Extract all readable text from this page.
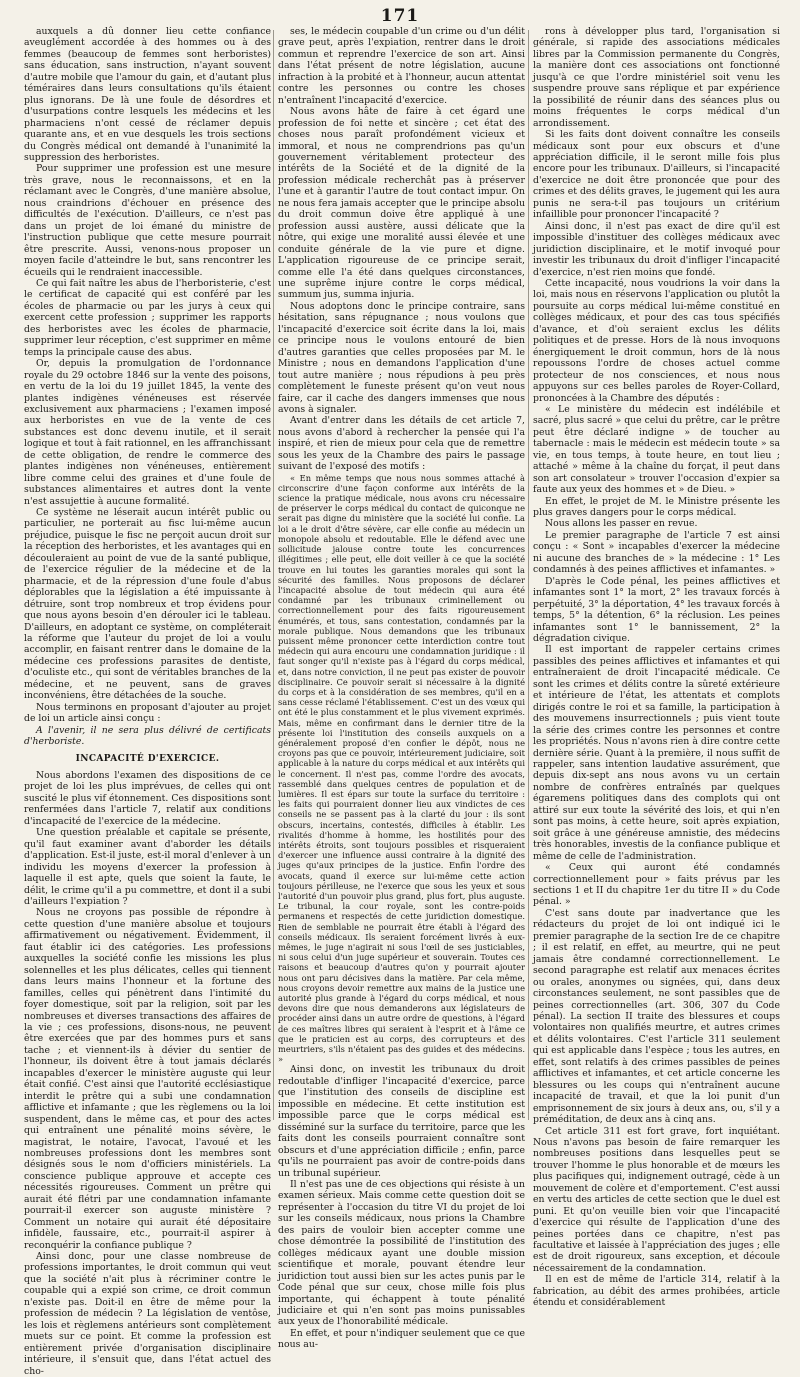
171

auxquels a dû donner lieu cette confiance aveuglément accordée à des hommes ou à des femmes (beaucoup de femmes sont herboristes) sans éducation, sans instruction, n'ayant souvent d'autre mobile que l'amour du gain, et d'autant plus téméraires dans leurs consultations qu'ils étaient plus ignorans. De là une foule de désordres et d'usurpations contre lesquels les médecins et les pharmaciens n'ont cessé de réclamer depuis quarante ans, et en vue desquels les trois sections du Congrès médical ont demandé à l'unanimité la suppression des herboristes.

Pour supprimer une profession est une mesure très grave, nous le reconnaissons, et en la réclamant avec le Congrès, d'une manière absolue, nous craindrions d'échouer en présence des difficultés de l'exécution. D'ailleurs, ce n'est pas dans un projet de loi émané du ministre de l'instruction publique que cette mesure pourrait être prescrite. Aussi, venons-nous proposer un moyen facile d'atteindre le but, sans rencontrer les écueils qui le rendraient inaccessible.

Ce qui fait naître les abus de l'herboristerie, c'est le certificat de capacité qui est conféré par les écoles de pharmacie ou par les jurys à ceux qui exercent cette profession ; supprimer les rapports des herboristes avec les écoles de pharmacie, supprimer leur réception, c'est supprimer en même temps la principale cause des abus.

Or, depuis la promulgation de l'ordonnance royale du 29 octobre 1846 sur la vente des poisons, en vertu de la loi du 19 juillet 1845, la vente des plantes indigènes vénéneuses est réservée exclusivement aux pharmaciens ; l'examen imposé aux herboristes en vue de la vente de ces substances est donc devenu inutile, et il serait logique et tout à fait rationnel, en les affranchissant de cette obligation, de rendre le commerce des plantes indigènes non vénéneuses, entièrement libre comme celui des graines et d'une foule de substances alimentaires et autres dont la vente n'est assujettie à aucune formalité.

Ce système ne léserait aucun intérêt public ou particulier, ne porterait au fisc lui-même aucun préjudice, puisque le fisc ne perçoit aucun droit sur la réception des herboristes, et les avantages qui en découleraient au point de vue de la santé publique, de l'exercice régulier de la médecine et de la pharmacie, et de la répression d'une foule d'abus déplorables que la législation a été impuissante à détruire, sont trop nombreux et trop évidens pour que nous ayons besoin d'en dérouler ici le tableau. D'ailleurs, en adoptant ce système, on compléterait la réforme que l'auteur du projet de loi a voulu accomplir, en faisant rentrer dans le domaine de la médecine ces professions parasites de dentiste, d'oculiste etc., qui sont de véritables branches de la médecine, et ne peuvent, sans de graves inconvéniens, être détachées de la souche.

Nous terminons en proposant d'ajouter au projet de loi un article ainsi conçu :

A l'avenir, il ne sera plus délivré de certificats d'herboriste.

INCAPACITÉ D'EXERCICE.

Nous abordons l'examen des dispositions de ce projet de loi les plus imprévues, de celles qui ont suscité le plus vif étonnement. Ces dispositions sont renfermées dans l'article 7, relatif aux conditions d'incapacité de l'exercice de la médecine.

Une question préalable et capitale se présente, qu'il faut examiner avant d'aborder les détails d'application. Est-il juste, est-il moral d'enlever à un individu les moyens d'exercer la profession à laquelle il est apte, quels que soient la faute, le délit, le crime qu'il a pu commettre, et dont il a subi d'ailleurs l'expiation ?

Nous ne croyons pas possible de répondre à cette question d'une manière absolue et toujours affirmativement ou négativement. Évidemment, il faut établir ici des catégories. Les professions auxquelles la société confie les missions les plus solennelles et les plus délicates, celles qui tiennent dans leurs mains l'honneur et la fortune des familles, celles qui pénètrent dans l'intimité du foyer domestique, soit par la religion, soit par les nombreuses et diverses transactions des affaires de la vie ; ces professions, disons-nous, ne peuvent être exercées que par des hommes purs et sans tache ; et viennent-ils à dévier du sentier de l'honneur, ils doivent être à tout jamais déclarés incapables d'exercer le ministère auguste qui leur était confié. C'est ainsi que l'autorité ecclésiastique interdit le prêtre qui a subi une condamnation afflictive et infamante ; que les règlemens ou la loi suspendent, dans le même cas, et pour des actes qui entraînent une pénalité moins sévère, le magistrat, le notaire, l'avocat, l'avoué et les nombreuses professions dont les membres sont désignés sous le nom d'officiers ministériels. La conscience publique approuve et accepte ces nécessités rigoureuses. Comment un prêtre qui aurait été flétri par une condamnation infamante pourrait-il exercer son auguste ministère ? Comment un notaire qui aurait été dépositaire infidèle, faussaire, etc., pourrait-il aspirer à reconquérir la confiance publique ?

Ainsi donc, pour une classe nombreuse de professions importantes, le droit commun qui veut que la société n'ait plus à récriminer contre le coupable qui a expié son crime, ce droit commun n'existe pas. Doit-il en être de même pour la profession de médecin ? La législation de ventôse, les lois et règlemens antérieurs sont complètement muets sur ce point. Et comme la profession est entièrement privée d'organisation disciplinaire intérieure, il s'ensuit que, dans l'état actuel des cho-

ses, le médecin coupable d'un crime ou d'un délit grave peut, après l'expiation, rentrer dans le droit commun et reprendre l'exercice de son art. Ainsi dans l'état présent de notre législation, aucune infraction à la probité et à l'honneur, aucun attentat contre les personnes ou contre les choses n'entraînent l'incapacité d'exercice.

Nous avons hâte de faire à cet égard une profession de foi nette et sincère ; cet état des choses nous paraît profondément vicieux et immoral, et nous ne comprendrions pas qu'un gouvernement véritablement protecteur des intérêts de la Société et de la dignité de la profession médicale recherchât pas à préserver l'une et à garantir l'autre de tout contact impur. On ne nous fera jamais accepter que le principe absolu du droit commun doive être appliqué à une profession aussi austère, aussi délicate que la nôtre, qui exige une moralité aussi élevée et une conduite générale de la vie pure et digne. L'application rigoureuse de ce principe serait, comme elle l'a été dans quelques circonstances, une suprême injure contre le corps médical, summum jus, summa injuria.

Nous adoptons donc le principe contraire, sans hésitation, sans répugnance ; nous voulons que l'incapacité d'exercice soit écrite dans la loi, mais ce principe nous le voulons entouré de bien d'autres garanties que celles proposées par M. le Ministre ; nous en demandons l'application d'une tout autre manière ; nous répudions à peu près complètement le funeste présent qu'on veut nous faire, car il cache des dangers immenses que nous avons à signaler.

Avant d'entrer dans les détails de cet article 7, nous avons d'abord à rechercher la pensée qui l'a inspiré, et rien de mieux pour cela que de remettre sous les yeux de la Chambre des pairs le passage suivant de l'exposé des motifs :

« En même temps que nous nous sommes attaché à circonscrire d'une façon conforme aux intérêts de la science la pratique médicale, nous avons cru nécessaire de préserver le corps médical du contact de quiconque ne serait pas digne du ministère que la société lui confie. La loi a le droit d'être sévère, car elle confie au médecin un monopole absolu et redoutable. Elle le défend avec une sollicitude jalouse contre toute les concurrences illégitimes ; elle peut, elle doit veiller à ce que la société trouve en lui toutes les garanties morales qui sont la sécurité des familles. Nous proposons de déclarer l'incapacité absolue de tout médecin qui aura été condamné par les tribunaux criminellement ou correctionnellement pour des faits rigoureusement énumérés, et tous, sans contestation, condamnés par la morale publique. Nous demandons que les tribunaux puissent même prononcer cette interdiction contre tout médecin qui aura encouru une condamnation juridique : il faut songer qu'il n'existe pas à l'égard du corps médical, et, dans notre conviction, il ne peut pas exister de pouvoir disciplinaire. Ce pouvoir serait si nécessaire à la dignité du corps et à la considération de ses membres, qu'il en a sans cesse réclamé l'établissement. C'est un des vœux qui ont été le plus constamment et le plus vivement exprimés. Mais, même en confirmant dans le dernier titre de la présente loi l'institution des conseils auxquels on a généralement proposé d'en confier le dépôt, nous ne croyons pas que ce pouvoir, intérieurement judiciaire, soit applicable à la nature du corps médical et aux intérêts qui le concernent. Il n'est pas, comme l'ordre des avocats, rassemblé dans quelques centres de population et de lumières. Il est épars sur toute la surface du territoire : les faits qui pourraient donner lieu aux vindictes de ces conseils ne se passent pas à la clarté du jour : ils sont obscurs, incertains, contestés, difficiles à établir. Les rivalités d'homme à homme, les hostilités pour des intérêts étroits, sont toujours possibles et risqueraient d'exercer une influence aussi contraire à la dignité des juges qu'aux principes de la justice. Enfin l'ordre des avocats, quand il exerce sur lui-même cette action toujours périlleuse, ne l'exerce que sous les yeux et sous l'autorité d'un pouvoir plus grand, plus fort, plus auguste. Le tribunal, la cour royale, sont les contre-poids permanens et respectés de cette juridiction domestique. Rien de semblable ne pourrait être établi à l'égard des conseils médicaux. Ils seraient forcément livrés à eux-mêmes, le juge n'agirait ni sous l'œil de ses justiciables, ni sous celui d'un juge supérieur et souverain. Toutes ces raisons et beaucoup d'autres qu'on y pourrait ajouter nous ont paru décisives dans la matière. Par cela même, nous croyons devoir remettre aux mains de la justice une autorité plus grande à l'égard du corps médical, et nous devons dire que nous demanderons aux législateurs de procéder ainsi dans un autre ordre de questions, à l'égard de ces maîtres libres qui seraient à l'esprit et à l'âme ce que le praticien est au corps, des corrupteurs et des meurtriers, s'ils n'étaient pas des guides et des médecins. »

Ainsi donc, on investit les tribunaux du droit redoutable d'infliger l'incapacité d'exercice, parce que l'institution des conseils de discipline est impossible en médecine. Et cette institution est impossible parce que le corps médical est disséminé sur la surface du territoire, parce que les faits dont les conseils pourraient connaître sont obscurs et d'une appréciation difficile ; enfin, parce qu'ils ne pourraient pas avoir de contre-poids dans un tribunal supérieur.

Il n'est pas une de ces objections qui résiste à un examen sérieux. Mais comme cette question doit se représenter à l'occasion du titre VI du projet de loi sur les conseils médicaux, nous prions la Chambre des pairs de vouloir bien accepter comme une chose démontrée la possibilité de l'institution des collèges médicaux ayant une double mission scientifique et morale, pouvant étendre leur juridiction tout aussi bien sur les actes punis par le Code pénal que sur ceux, chose mille fois plus importante, qui échappent à toute pénalité judiciaire et qui n'en sont pas moins punissables aux yeux de l'honorabilité médicale.

En effet, et pour n'indiquer seulement que ce que nous au-

rons à développer plus tard, l'organisation si générale, si rapide des associations médicales libres par la Commission permanente du Congrès, la manière dont ces associations ont fonctionné jusqu'à ce que l'ordre ministériel soit venu les suspendre prouve sans réplique et par expérience la possibilité de réunir dans des séances plus ou moins fréquentes le corps médical d'un arrondissement.

Si les faits dont doivent connaître les conseils médicaux sont pour eux obscurs et d'une appréciation difficile, il le seront mille fois plus encore pour les tribunaux. D'ailleurs, si l'incapacité d'exercice ne doit être prononcée que pour des crimes et des délits graves, le jugement qui les aura punis ne sera-t-il pas toujours un critérium infaillible pour prononcer l'incapacité ?

Ainsi donc, il n'est pas exact de dire qu'il est impossible d'instituer des collèges médicaux avec juridiction disciplinaire, et le motif invoqué pour investir les tribunaux du droit d'infliger l'incapacité d'exercice, n'est rien moins que fondé.

Cette incapacité, nous voudrions la voir dans la loi, mais nous en réservons l'application ou plutôt la poursuite au corps médical lui-même constitué en collèges médicaux, et pour des cas tous spécifiés d'avance, et d'où seraient exclus les délits politiques et de presse. Hors de là nous invoquons énergiquement le droit commun, hors de là nous repoussons l'ordre de choses actuel comme protecteur de nos consciences, et nous nous appuyons sur ces belles paroles de Royer-Collard, prononcées à la Chambre des députés :

« Le ministère du médecin est indélébile et sacré, plus sacré » que celui du prêtre, car le prêtre peut être déclaré indigne » de toucher au tabernacle : mais le médecin est médecin toute » sa vie, en tous temps, à toute heure, en tout lieu ; attaché » même à la chaîne du forçat, il peut dans son art consolateur » trouver l'occasion d'expier sa faute aux yeux des hommes et » de Dieu. »

En effet, le projet de M. le Ministre présente les plus graves dangers pour le corps médical.

Nous allons les passer en revue.

Le premier paragraphe de l'article 7 est ainsi conçu : « Sont » incapables d'exercer la médecine ni aucune des branches de » la médecine : 1° Les condamnés à des peines afflictives et infamantes. »

D'après le Code pénal, les peines afflictives et infamantes sont 1° la mort, 2° les travaux forcés à perpétuité, 3° la déportation, 4° les travaux forcés à temps, 5° la détention, 6° la réclusion. Les peines infamantes sont 1° le bannissement, 2° la dégradation civique.

Il est important de rappeler certains crimes passibles des peines afflictives et infamantes et qui entraîneraient de droit l'incapacité médicale. Ce sont les crimes et délits contre la sûreté extérieure et intérieure de l'état, les attentats et complots dirigés contre le roi et sa famille, la participation à des mouvemens insurrectionnels ; puis vient toute la série des crimes contre les personnes et contre les propriétés. Nous n'avons rien à dire contre cette dernière série. Quant à la première, il nous suffit de rappeler, sans intention laudative assurément, que depuis dix-sept ans nous avons vu un certain nombre de confrères entraînés par quelques égaremens politiques dans des complots qui ont attiré sur eux toute la sévérité des lois, et qui n'en sont pas moins, à cette heure, soit après expiation, soit grâce à une généreuse amnistie, des médecins très honorables, investis de la confiance publique et même de celle de l'administration.

« Ceux qui auront été condamnés correctionnellement pour » faits prévus par les sections 1 et II du chapitre 1er du titre II » du Code pénal. »

C'est sans doute par inadvertance que les rédacteurs du projet de loi ont indiqué ici le premier paragraphe de la section Ire de ce chapitre ; il est relatif, en effet, au meurtre, qui ne peut jamais être condamné correctionnellement. Le second paragraphe est relatif aux menaces écrites ou orales, anonymes ou signées, qui, dans deux circonstances seulement, ne sont passibles que de peines correctionnelles (art. 306, 307 du Code pénal). La section II traite des blessures et coups volontaires non qualifiés meurtre, et autres crimes et délits volontaires. C'est l'article 311 seulement qui est applicable dans l'espèce ; tous les autres, en effet, sont relatifs à des crimes passibles de peines afflictives et infamantes, et cet article concerne les blessures ou les coups qui n'entraînent aucune incapacité de travail, et que la loi punit d'un emprisonnement de six jours à deux ans, ou, s'il y a préméditation, de deux ans à cinq ans.

Cet article 311 est fort grave, fort inquiétant. Nous n'avons pas besoin de faire remarquer les nombreuses positions dans lesquelles peut se trouver l'homme le plus honorable et de mœurs les plus pacifiques qui, indignement outragé, cède à un mouvement de colère et d'emportement. C'est aussi en vertu des articles de cette section que le duel est puni. Et qu'on veuille bien voir que l'incapacité d'exercice qui résulte de l'application d'une des peines portées dans ce chapitre, n'est pas facultative et laissée à l'appréciation des juges ; elle est de droit rigoureux, sans exception, et découle nécessairement de la condamnation.

Il en est de même de l'article 314, relatif à la fabrication, au débit des armes prohibées, article étendu et considérablement
